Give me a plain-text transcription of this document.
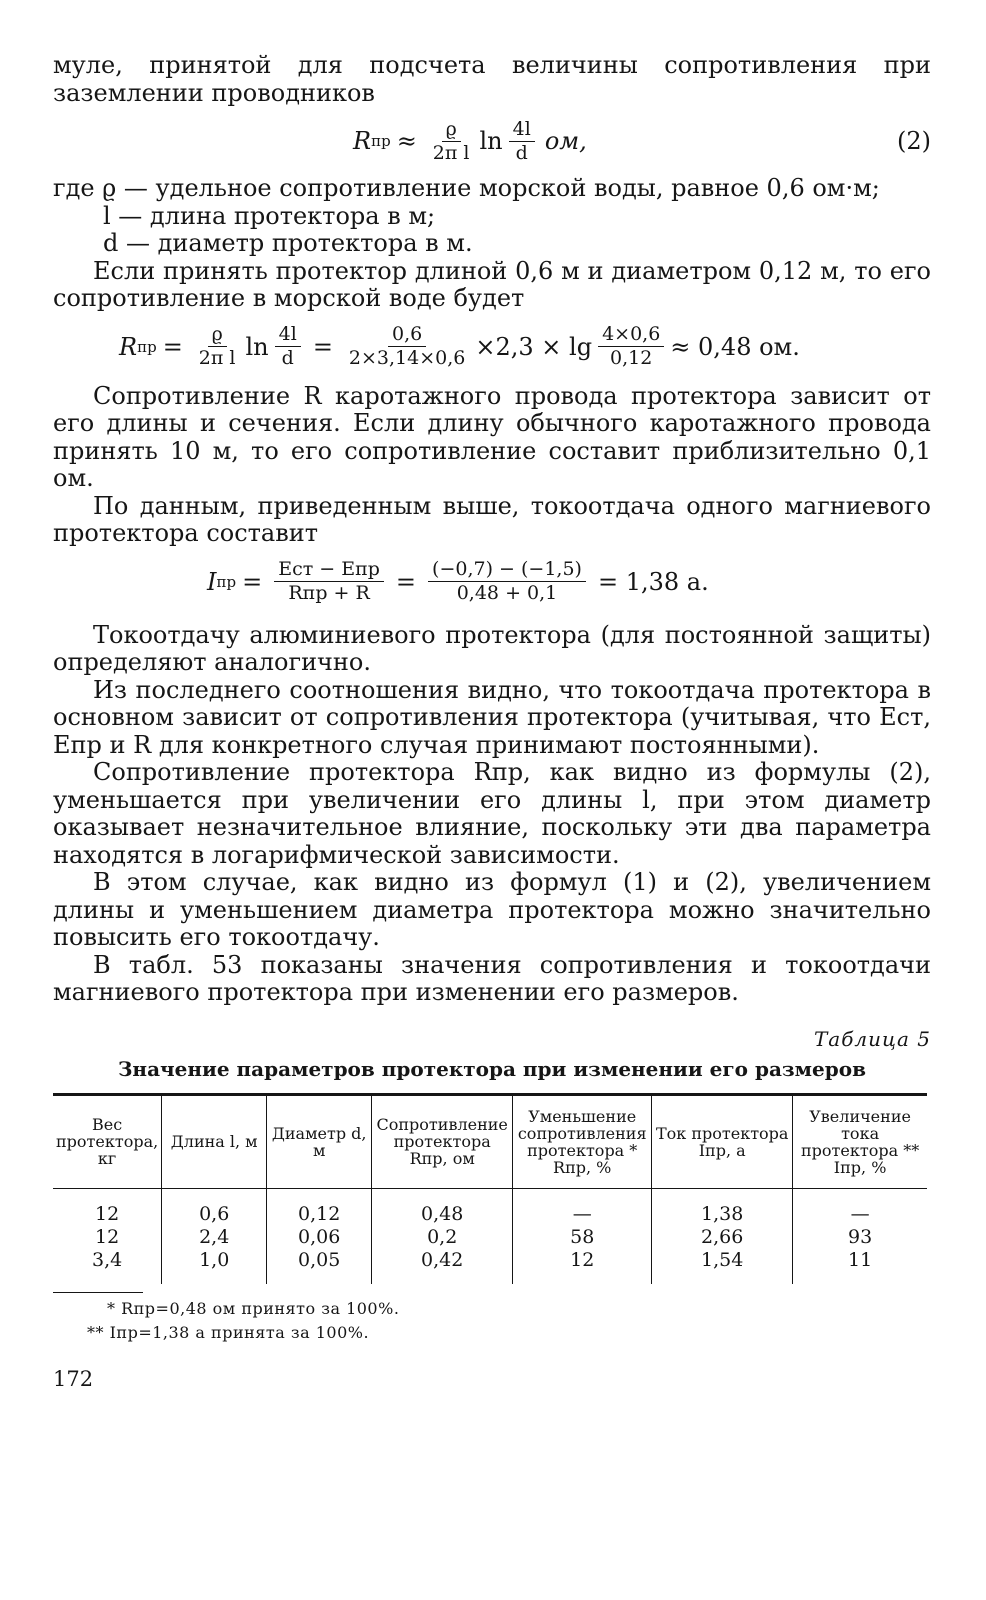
муле, принятой для подсчета величины сопротивления при заземлении проводников

R пр ≈ $\frac{ϱ}{\text{2π l}}$ $\ln \frac{4l}{d}$ ом,	(2)

где ϱ — удельное сопротивление морской воды, равное 0,6 ом·м;

l — длина протектора в м;

d — диаметр протектора в м.

Если принять протектор длиной 0,6 м и диаметром 0,12 м, то его сопротивление в морской воде будет

R пр = $\frac{ϱ}{\text{2π l}}$ $\ln \frac{4l}{d} = \frac{0,6}{2\times 3,14\times 0,6} \times 2,3 \times \lg \frac{4\times 0,6}{0,12} \approx 0,48$ ом.

Сопротивление R каротажного провода протектора зависит от его длины и сечения. Если длину обычного каротажного провода принять 10 м, то его сопротивление составит приблизительно 0,1 ом.

По данным, приведенным выше, токоотдача одного магниевого протектора составит

I пр = $\frac{\text{Eст − Eпр}}{\text{Rпр + R}} = \frac{(-0,7) - (-1,5)}{0,48 + 0,1} = 1,38$ а.

Токоотдачу алюминиевого протектора (для постоянной защиты) определяют аналогично.

Из последнего соотношения видно, что токоотдача протектора в основном зависит от сопротивления протектора (учитывая, что Eст, Eпр и R для конкретного случая принимают постоянными).

Сопротивление протектора Rпр, как видно из формулы (2), уменьшается при увеличении его длины l, при этом диаметр оказывает незначительное влияние, поскольку эти два параметра находятся в логарифмической зависимости.

В этом случае, как видно из формул (1) и (2), увеличением длины и уменьшением диаметра протектора можно значительно повысить его токоотдачу.

В табл. 53 показаны значения сопротивления и токоотдачи магниевого протектора при изменении его размеров.

Таблица 5
Значение параметров протектора при изменении его размеров
Вес протектора, кг	Длина l, м	Диаметр d, м	Сопротивление протектора Rпр, ом	Уменьшение сопротивления протектора * Rпр, %	Ток протектора Iпр, а	Увеличение тока протектора ** Iпр, %
12	0,6	0,12	0,48	—	1,38	—
12	2,4	0,06	0,2	58	2,66	93
3,4	1,0	0,05	0,42	12	1,54	11
* Rпр=0,48 ом принято за 100%.
** Iпр=1,38 а принята за 100%.
172
